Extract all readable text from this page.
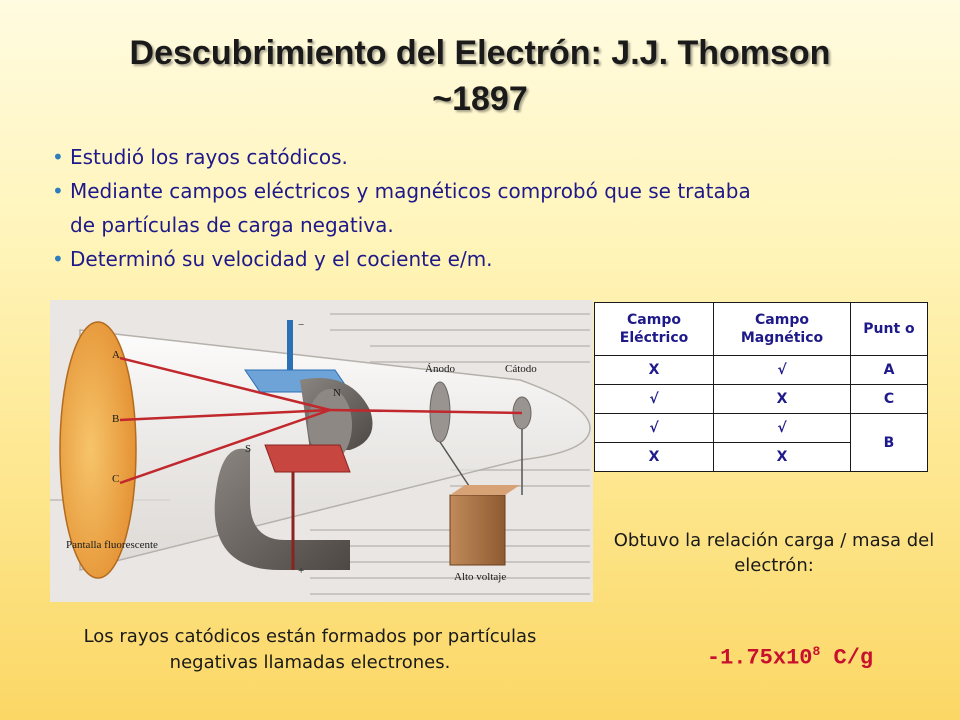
Descubrimiento del Electrón: J.J. Thomson
~1897
• Estudió los rayos catódicos.
• Mediante campos eléctricos y magnéticos comprobó que se trataba
de partículas de carga negativa.
• Determinó su velocidad y el cociente e/m.
A
B
C
N
S
−
+
Ánodo	Cátodo
Pantalla fluorescente
Alto voltaje
Campo Eléctrico	Campo Magnético	Punt o
X	√	A
√	X	C
√	√	B
X	X	
Obtuvo la relación carga / masa del electrón:
Los rayos catódicos están formados por partículas negativas llamadas electrones.	$-1.75x10^8$ C/g
